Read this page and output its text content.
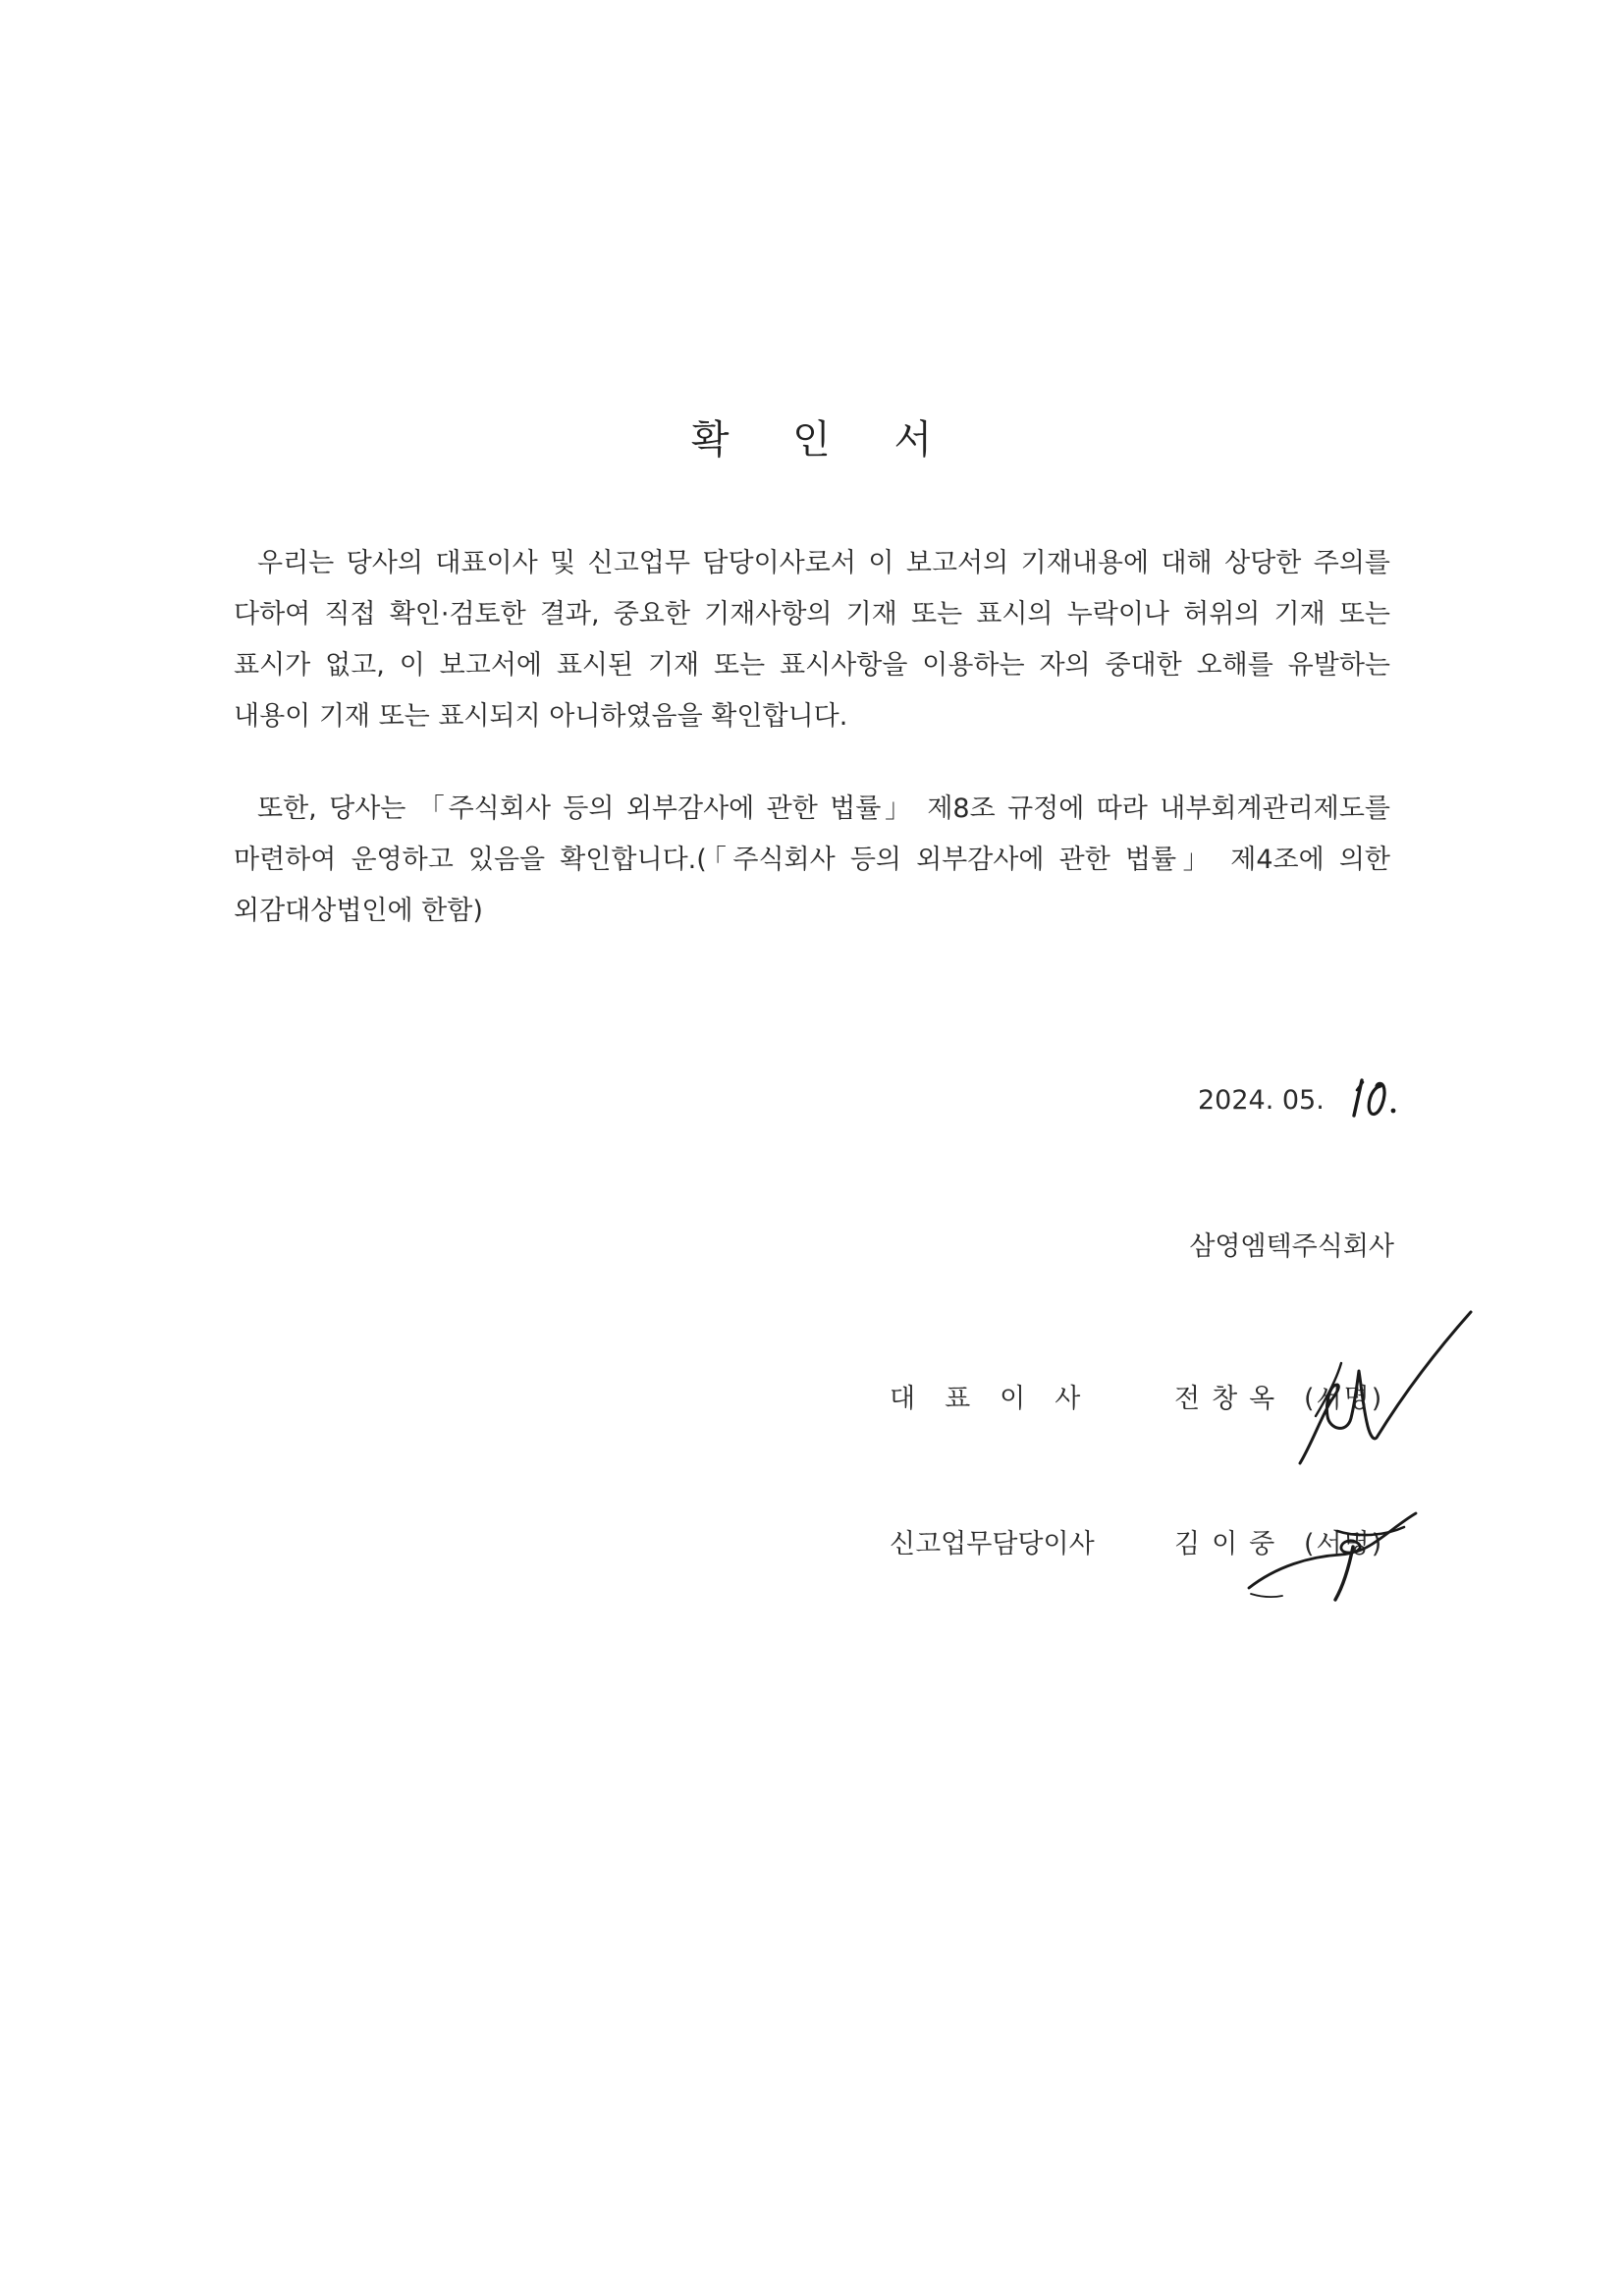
확 인 서
우리는 당사의 대표이사 및 신고업무 담당이사로서 이 보고서의 기재내용에 대해 상당한 주의를 다하여 직접 확인·검토한 결과, 중요한 기재사항의 기재 또는 표시의 누락이나 허위의 기재 또는 표시가 없고, 이 보고서에 표시된 기재 또는 표시사항을 이용하는 자의 중대한 오해를 유발하는 내용이 기재 또는 표시되지 아니하였음을 확인합니다.
또한, 당사는 「주식회사 등의 외부감사에 관한 법률」 제8조 규정에 따라 내부회계관리제도를 마련하여 운영하고 있음을 확인합니다.(「주식회사 등의 외부감사에 관한 법률」 제4조에 의한 외감대상법인에 한함)
2024. 05.
삼영엠텍주식회사
대표이사 전창옥 (서명)
신고업무담당이사	김이중 (서명)
